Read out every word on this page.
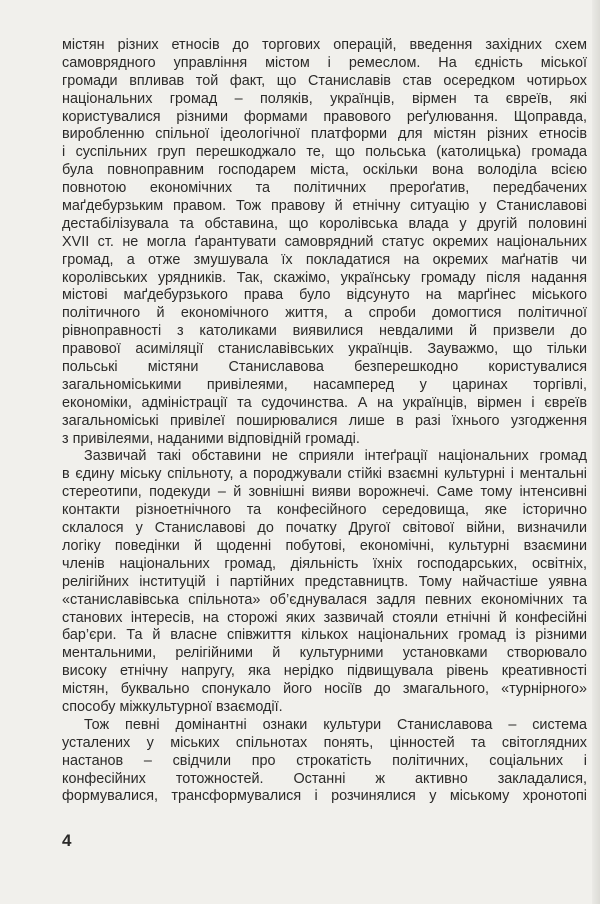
містян різних етносів до торгових операцій, введення західних схем
самоврядного управління містом і ремеслом. На єдність міської
громади впливав той факт, що Станиславів став осередком чотирьох
національних громад – поляків, українців, вірмен та євреїв, які
користувалися різними формами правового реґулювання. Щоправда,
виробленню спільної ідеологічної платформи для містян різних етносів
і суспільних груп перешкоджало те, що польська (католицька) громада
була повноправним господарем міста, оскільки вона володіла всією
повнотою економічних та політичних прероґатив, передбачених
маґдебурзьким правом. Тож правову й етнічну ситуацію у Станиславові
дестабілізувала та обставина, що королівська влада у другій половині
XVII ст. не могла ґарантувати самоврядний статус окремих національних
громад, а отже змушувала їх покладатися на окремих маґнатів чи
королівських урядників. Так, скажімо, українську громаду після надання
містові маґдебурзького права було відсунуто на марґінес міського
політичного й економічного життя, а спроби домогтися політичної
рівноправності з католиками виявилися невдалими й призвели до
правової асиміляції станиславівських українців. Зауважмо, що тільки
польські містяни Станиславова безперешкодно користувалися
загальноміськими привілеями, насамперед у царинах торгівлі,
економіки, адміністрації та судочинства. А на українців, вірмен і євреїв
загальноміські привілеї поширювалися лише в разі їхнього узгодження
з привілеями, наданими відповідній громаді.
Зазвичай такі обставини не сприяли інтеґрації національних громад
в єдину міську спільноту, а породжували стійкі взаємні культурні і ментальні
стереотипи, подекуди – й зовнішні вияви ворожнечі. Саме тому інтенсивні
контакти різноетнічного та конфесійного середовища, яке історично
склалося у Станиславові до початку Другої світової війни, визначили
логіку поведінки й щоденні побутові, економічні, культурні взаємини
членів національних громад, діяльність їхніх господарських, освітніх,
релігійних інституцій і партійних представництв. Тому найчастіше уявна
«станиславівська спільнота» об’єднувалася задля певних економічних та
станових інтересів, на сторожі яких зазвичай стояли етнічні й конфесійні
бар’єри. Та й власне співжиття кількох національних громад із різними
ментальними, релігійними й культурними установками створювало
високу етнічну напругу, яка нерідко підвищувала рівень креативності
містян, буквально спонукало його носіїв до змагального, «турнірного»
способу міжкультурної взаємодії.
Тож певні домінантні ознаки культури Станиславова – система
усталених у міських спільнотах понять, цінностей та світоглядних
настанов – свідчили про строкатість політичних, соціальних і
конфесійних тотожностей. Останні ж активно закладалися,
формувалися, трансформувалися і розчинялися у міському хронотопі
4
